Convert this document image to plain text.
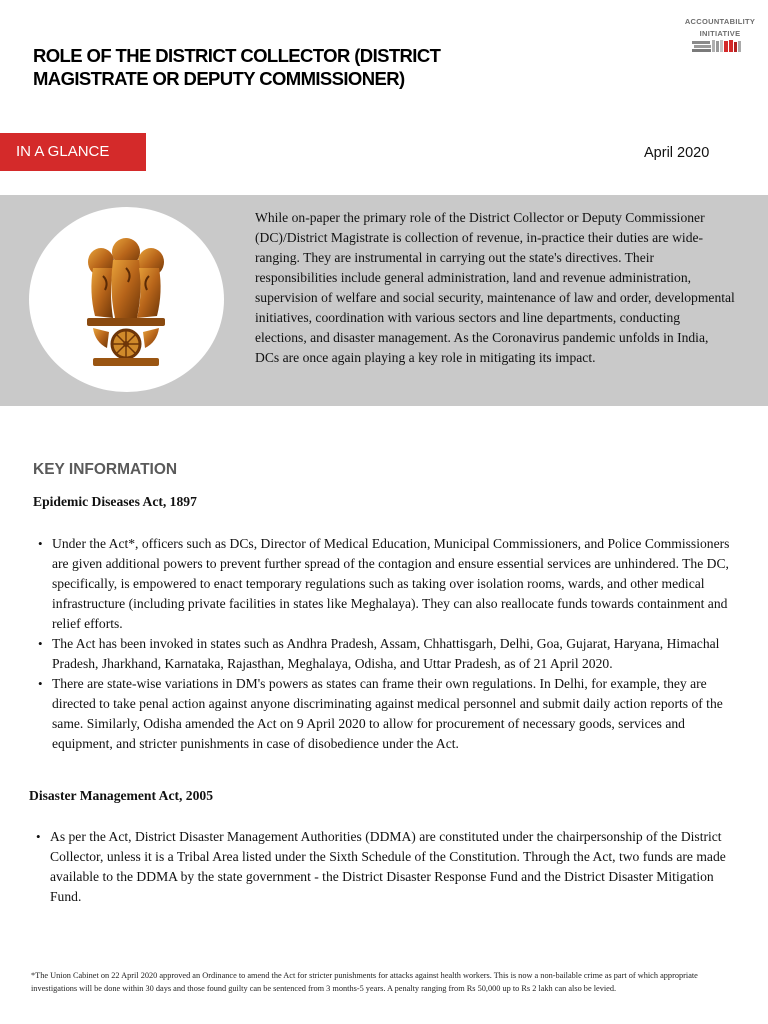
ACCOUNTABILITY
INITIATIVE
ROLE OF THE DISTRICT COLLECTOR (DISTRICT MAGISTRATE OR DEPUTY COMMISSIONER)
IN A GLANCE	April 2020

While on-paper the primary role of the District Collector or Deputy Commissioner (DC)/District Magistrate is collection of revenue, in-practice their duties are wide-ranging. They are instrumental in carrying out the state's directives. Their responsibilities include general administration, land and revenue administration, supervision of welfare and social security, maintenance of law and order, developmental initiatives, coordination with various sectors and line departments, conducting elections, and disaster management. As the Coronavirus pandemic unfolds in India, DCs are once again playing a key role in mitigating its impact.

KEY INFORMATION
Epidemic Diseases Act, 1897
• Under the Act*, officers such as DCs, Director of Medical Education, Municipal Commissioners, and Police Commissioners are given additional powers to prevent further spread of the contagion and ensure essential services are unhindered. The DC, specifically, is empowered to enact temporary regulations such as taking over isolation rooms, wards, and other medical infrastructure (including private facilities in states like Meghalaya). They can also reallocate funds towards containment and relief efforts.
• The Act has been invoked in states such as Andhra Pradesh, Assam, Chhattisgarh, Delhi, Goa, Gujarat, Haryana, Himachal Pradesh, Jharkhand, Karnataka, Rajasthan, Meghalaya, Odisha, and Uttar Pradesh, as of 21 April 2020.
• There are state-wise variations in DM's powers as states can frame their own regulations. In Delhi, for example, they are directed to take penal action against anyone discriminating against medical personnel and submit daily action reports of the same. Similarly, Odisha amended the Act on 9 April 2020 to allow for procurement of necessary goods, services and equipment, and stricter punishments in case of disobedience under the Act.
Disaster Management Act, 2005
• As per the Act, District Disaster Management Authorities (DDMA) are constituted under the chairpersonship of the District Collector, unless it is a Tribal Area listed under the Sixth Schedule of the Constitution. Through the Act, two funds are made available to the DDMA by the state government - the District Disaster Response Fund and the District Disaster Mitigation Fund.

*The Union Cabinet on 22 April 2020 approved an Ordinance to amend the Act for stricter punishments for attacks against health workers. This is now a non-bailable crime as part of which appropriate investigations will be done within 30 days and those found guilty can be sentenced from 3 months-5 years. A penalty ranging from Rs 50,000 up to Rs 2 lakh can also be levied.
